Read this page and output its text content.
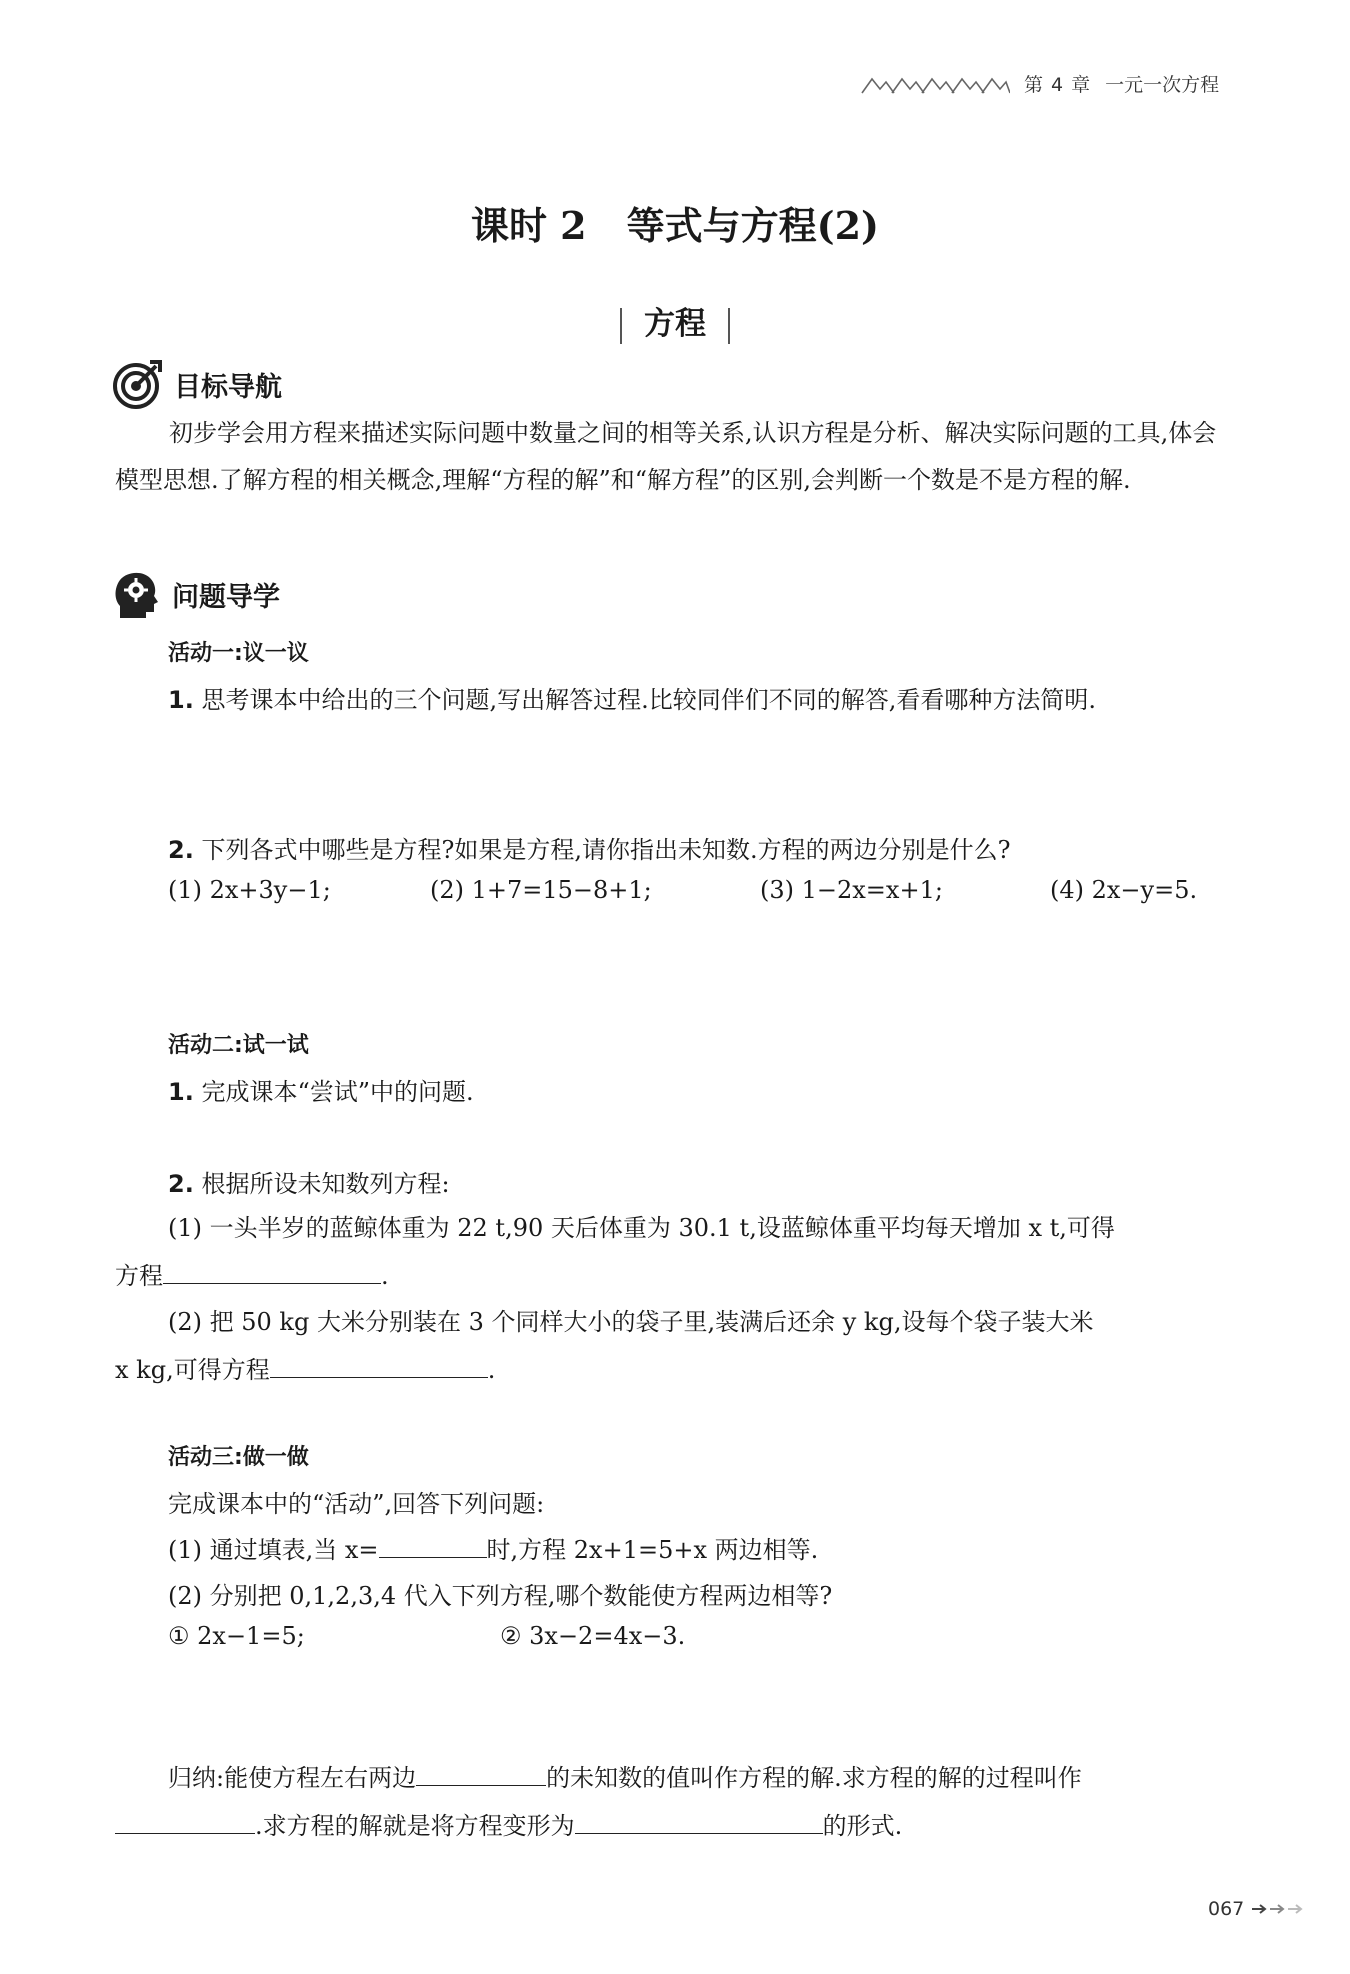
第 4 章 一元一次方程
课时 2 等式与方程(2)
方程
目标导航
初步学会用方程来描述实际问题中数量之间的相等关系,认识方程是分析、解决实际问题的工具,体会模型思想.了解方程的相关概念,理解“方程的解”和“解方程”的区别,会判断一个数是不是方程的解.
问题导学
活动一:议一议
1. 思考课本中给出的三个问题,写出解答过程.比较同伴们不同的解答,看看哪种方法简明.
2. 下列各式中哪些是方程?如果是方程,请你指出未知数.方程的两边分别是什么?
(1) 2x+3y−1;	(2) 1+7=15−8+1;	(3) 1−2x=x+1;	(4) 2x−y=5.
活动二:试一试
1. 完成课本“尝试”中的问题.
2. 根据所设未知数列方程:
(1) 一头半岁的蓝鲸体重为 22 t,90 天后体重为 30.1 t,设蓝鲸体重平均每天增加 x t,可得
方程	.
(2) 把 50 kg 大米分别装在 3 个同样大小的袋子里,装满后还余 y kg,设每个袋子装大米
x kg,可得方程	.
活动三:做一做
完成课本中的“活动”,回答下列问题:
(1) 通过填表,当 x=	时,方程 2x+1=5+x 两边相等.
(2) 分别把 0,1,2,3,4 代入下列方程,哪个数能使方程两边相等?
① 2x−1=5;	② 3x−2=4x−3.
归纳:能使方程左右两边	的未知数的值叫作方程的解.求方程的解的过程叫作
.求方程的解就是将方程变形为	的形式.
067
